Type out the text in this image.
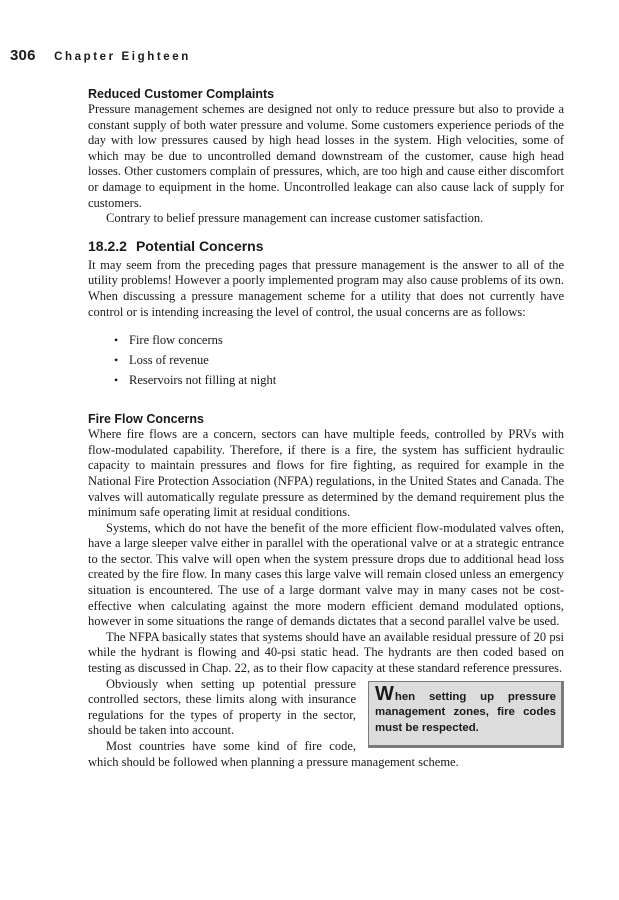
306 Chapter Eighteen
Reduced Customer Complaints

Pressure management schemes are designed not only to reduce pressure but also to provide a constant supply of both water pressure and volume. Some customers experience periods of the day with low pressures caused by high head losses in the system. High velocities, some of which may be due to uncontrolled demand downstream of the customer, cause high head losses. Other customers complain of pressures, which, are too high and cause either discomfort or damage to equipment in the home. Uncontrolled leakage can also cause lack of supply for customers.

Contrary to belief pressure management can increase customer satisfaction.

18.2.2 Potential Concerns

It may seem from the preceding pages that pressure management is the answer to all of the utility problems! However a poorly implemented program may also cause problems of its own. When discussing a pressure management scheme for a utility that does not currently have control or is intending increasing the level of control, the usual concerns are as follows:

• Fire flow concerns
• Loss of revenue
• Reservoirs not filling at night
Fire Flow Concerns

Where fire flows are a concern, sectors can have multiple feeds, controlled by PRVs with flow-modulated capability. Therefore, if there is a fire, the system has sufficient hydraulic capacity to maintain pressures and flows for fire fighting, as required for example in the National Fire Protection Association (NFPA) regulations, in the United States and Canada. The valves will automatically regulate pressure as determined by the demand requirement plus the minimum safe operating limit at residual conditions.

Systems, which do not have the benefit of the more efficient flow-modulated valves often, have a large sleeper valve either in parallel with the operational valve or at a strategic entrance to the sector. This valve will open when the system pressure drops due to additional head loss created by the fire flow. In many cases this large valve will remain closed unless an emergency situation is encountered. The use of a large dormant valve may in many cases not be cost-effective when calculating against the more modern efficient demand modulated options, however in some situations the range of demands dictates that a second parallel valve be used.

The NFPA basically states that systems should have an available residual pressure of 20 psi while the hydrant is flowing and 40-psi static head. The hydrants are then coded based on testing as discussed in Chap. 22, as to their flow capacity at these standard reference pressures.

When setting up pressure management zones, fire codes must be respected.

Obviously when setting up potential pressure controlled sectors, these limits along with insurance regulations for the types of property in the sector, should be taken into account.

Most countries have some kind of fire code, which should be followed when planning a pressure management scheme.
